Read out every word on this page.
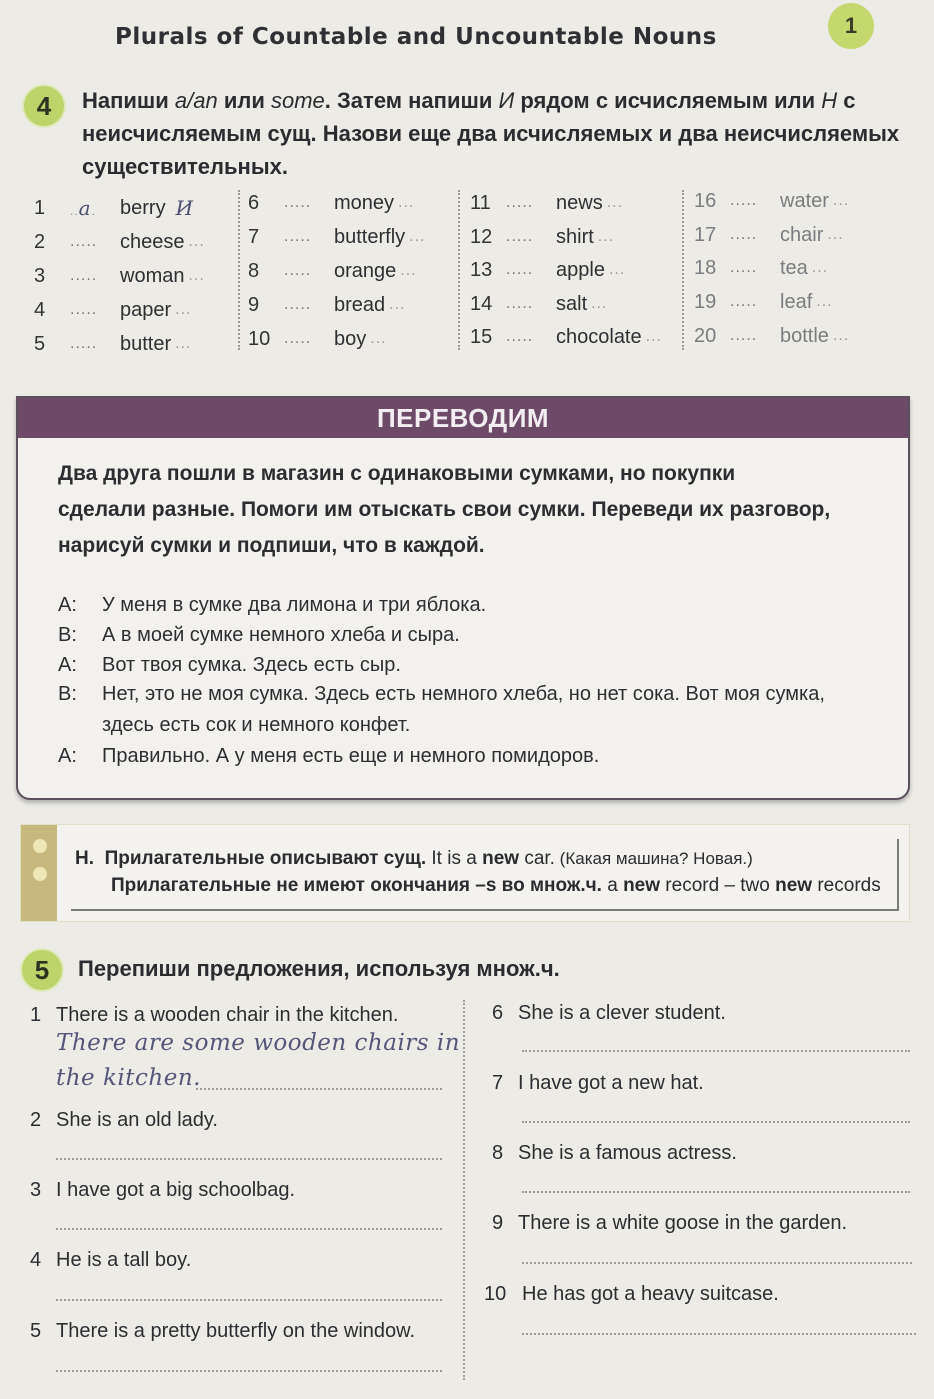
Plurals of Countable and Uncountable Nouns	1
4	Напиши a/an или some. Затем напиши И рядом с исчисляемым или Н с
неисчисляемым сущ. Назови еще два исчисляемых и два неисчисляемых
существительных.
1	..a.	berry И
2	.....	cheese ...
3	.....	woman ...
4	.....	paper ...
5	.....	butter ...
6	.....	money ...
7	.....	butterfly ...
8	.....	orange ...
9	.....	bread ...
10 .....	boy ...
11 .....	news ...
12 .....	shirt ...
13 .....	apple ...
14 .....	salt ...
15 .....	chocolate ...
16 .....	water ...
17 .....	chair ...
18 .....	tea ...
19 .....	leaf ...
20 .....	bottle ...
ПЕРЕВОДИМ
Два друга пошли в магазин с одинаковыми сумками, но покупки
сделали разные. Помоги им отыскать свои сумки. Переведи их разговор,
нарисуй сумки и подпиши, что в каждой.
A: У меня в сумке два лимона и три яблока.
B: А в моей сумке немного хлеба и сыра.
A: Вот твоя сумка. Здесь есть сыр.
B: Нет, это не моя сумка. Здесь есть немного хлеба, но нет сока. Вот моя сумка,
здесь есть сок и немного конфет.
A: Правильно. А у меня есть еще и немного помидоров.
Н. Прилагательные описывают сущ. It is a new car. (Какая машина? Новая.)
Прилагательные не имеют окончания –s во множ.ч. a new record – two new records
5	Перепиши предложения, используя множ.ч.
1 There is a wooden chair in the kitchen.
There are some wooden chairs in
the kitchen.
2 She is an old lady.
3 I have got a big schoolbag.
4 He is a tall boy.
5 There is a pretty butterfly on the window.
6 She is a clever student.
7 I have got a new hat.
8 She is a famous actress.
9 There is a white goose in the garden.
10 He has got a heavy suitcase.
